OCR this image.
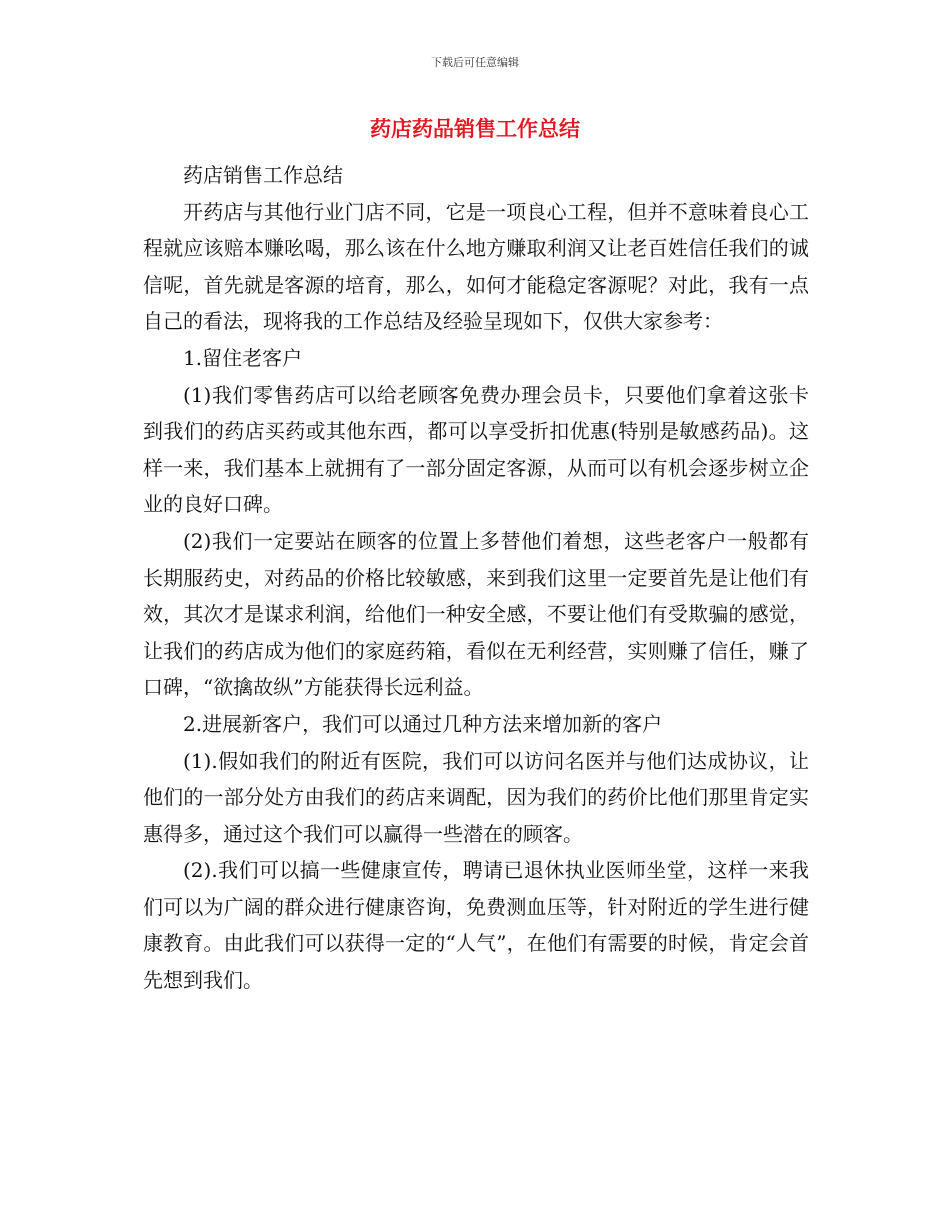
下载后可任意编辑
药店药品销售工作总结

药店销售工作总结

开药店与其他行业门店不同，它是一项良心工程，但并不意味着良心工程就应该赔本赚吆喝，那么该在什么地方赚取利润又让老百姓信任我们的诚信呢，首先就是客源的培育，那么，如何才能稳定客源呢？对此，我有一点自己的看法，现将我的工作总结及经验呈现如下，仅供大家参考：

1.留住老客户

(1)我们零售药店可以给老顾客免费办理会员卡，只要他们拿着这张卡到我们的药店买药或其他东西，都可以享受折扣优惠(特别是敏感药品)。这样一来，我们基本上就拥有了一部分固定客源，从而可以有机会逐步树立企业的良好口碑。

(2)我们一定要站在顾客的位置上多替他们着想，这些老客户一般都有长期服药史，对药品的价格比较敏感，来到我们这里一定要首先是让他们有效，其次才是谋求利润，给他们一种安全感，不要让他们有受欺骗的感觉，让我们的药店成为他们的家庭药箱，看似在无利经营，实则赚了信任，赚了口碑，“欲擒故纵”方能获得长远利益。

2.进展新客户，我们可以通过几种方法来增加新的客户

(1).假如我们的附近有医院，我们可以访问名医并与他们达成协议，让他们的一部分处方由我们的药店来调配，因为我们的药价比他们那里肯定实惠得多，通过这个我们可以赢得一些潜在的顾客。

(2).我们可以搞一些健康宣传，聘请已退休执业医师坐堂，这样一来我们可以为广阔的群众进行健康咨询，免费测血压等，针对附近的学生进行健康教育。由此我们可以获得一定的“人气”，在他们有需要的时候，肯定会首先想到我们。
